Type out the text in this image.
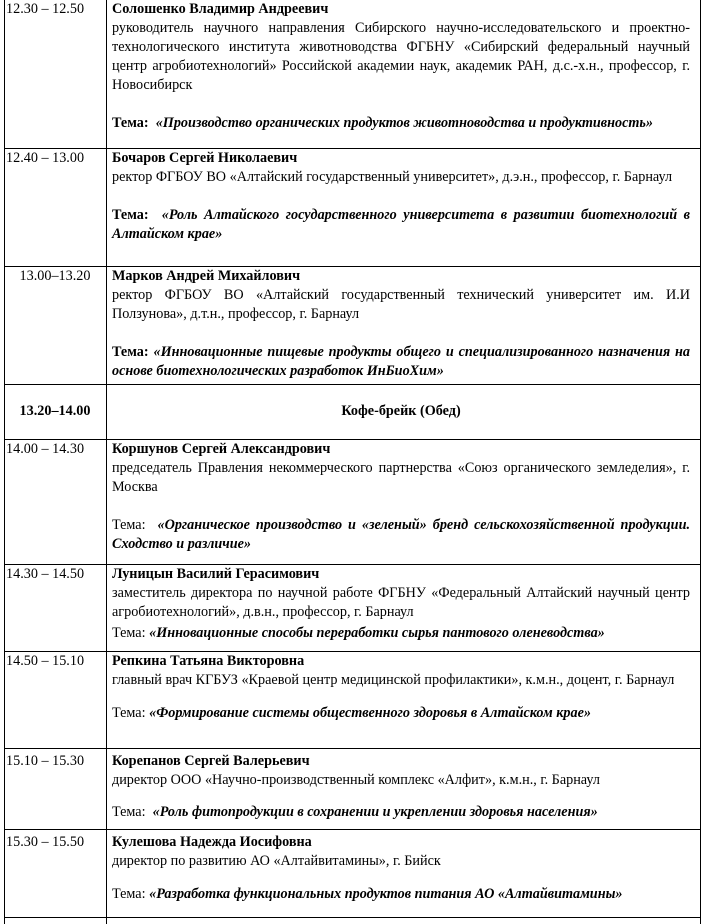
12.30 – 12.50	Солошенко Владимир Андреевич
руководитель научного направления Сибирского научно-исследовательского и проектно-технологического института животноводства ФГБНУ «Сибирский федеральный научный центр агробиотехнологий» Российской академии наук, академик РАН, д.с.-х.н., профессор, г. Новосибирск
Тема: «Производство органических продуктов животноводства и продуктивность»
12.40 – 13.00	Бочаров Сергей Николаевич
ректор ФГБОУ ВО «Алтайский государственный университет», д.э.н., профессор, г. Барнаул
Тема: «Роль Алтайского государственного университета в развитии биотехнологий в Алтайском крае»
13.00–13.20	Марков Андрей Михайлович
ректор ФГБОУ ВО «Алтайский государственный технический университет им. И.И Ползунова», д.т.н., профессор, г. Барнаул
Тема: «Инновационные пищевые продукты общего и специализированного назначения на основе биотехнологических разработок ИнБиоХим»
13.20–14.00	Кофе-брейк (Обед)
14.00 – 14.30	Коршунов Сергей Александрович
председатель Правления некоммерческого партнерства «Союз органического земледелия», г. Москва
Тема: «Органическое производство и «зеленый» бренд сельскохозяйственной продукции. Сходство и различие»
14.30 – 14.50	Луницын Василий Герасимович
заместитель директора по научной работе ФГБНУ «Федеральный Алтайский научный центр агробиотехнологий», д.в.н., профессор, г. Барнаул
Тема: «Инновационные способы переработки сырья пантового оленеводства»
14.50 – 15.10	Репкина Татьяна Викторовна
главный врач КГБУЗ «Краевой центр медицинской профилактики», к.м.н., доцент, г. Барнаул
Тема: «Формирование системы общественного здоровья в Алтайском крае»
15.10 – 15.30	Корепанов Сергей Валерьевич
директор ООО «Научно-производственный комплекс «Алфит», к.м.н., г. Барнаул
Тема: «Роль фитопродукции в сохранении и укреплении здоровья населения»
15.30 – 15.50	Кулешова Надежда Иосифовна
директор по развитию АО «Алтайвитамины», г. Бийск
Тема: «Разработка функциональных продуктов питания АО «Алтайвитамины»
